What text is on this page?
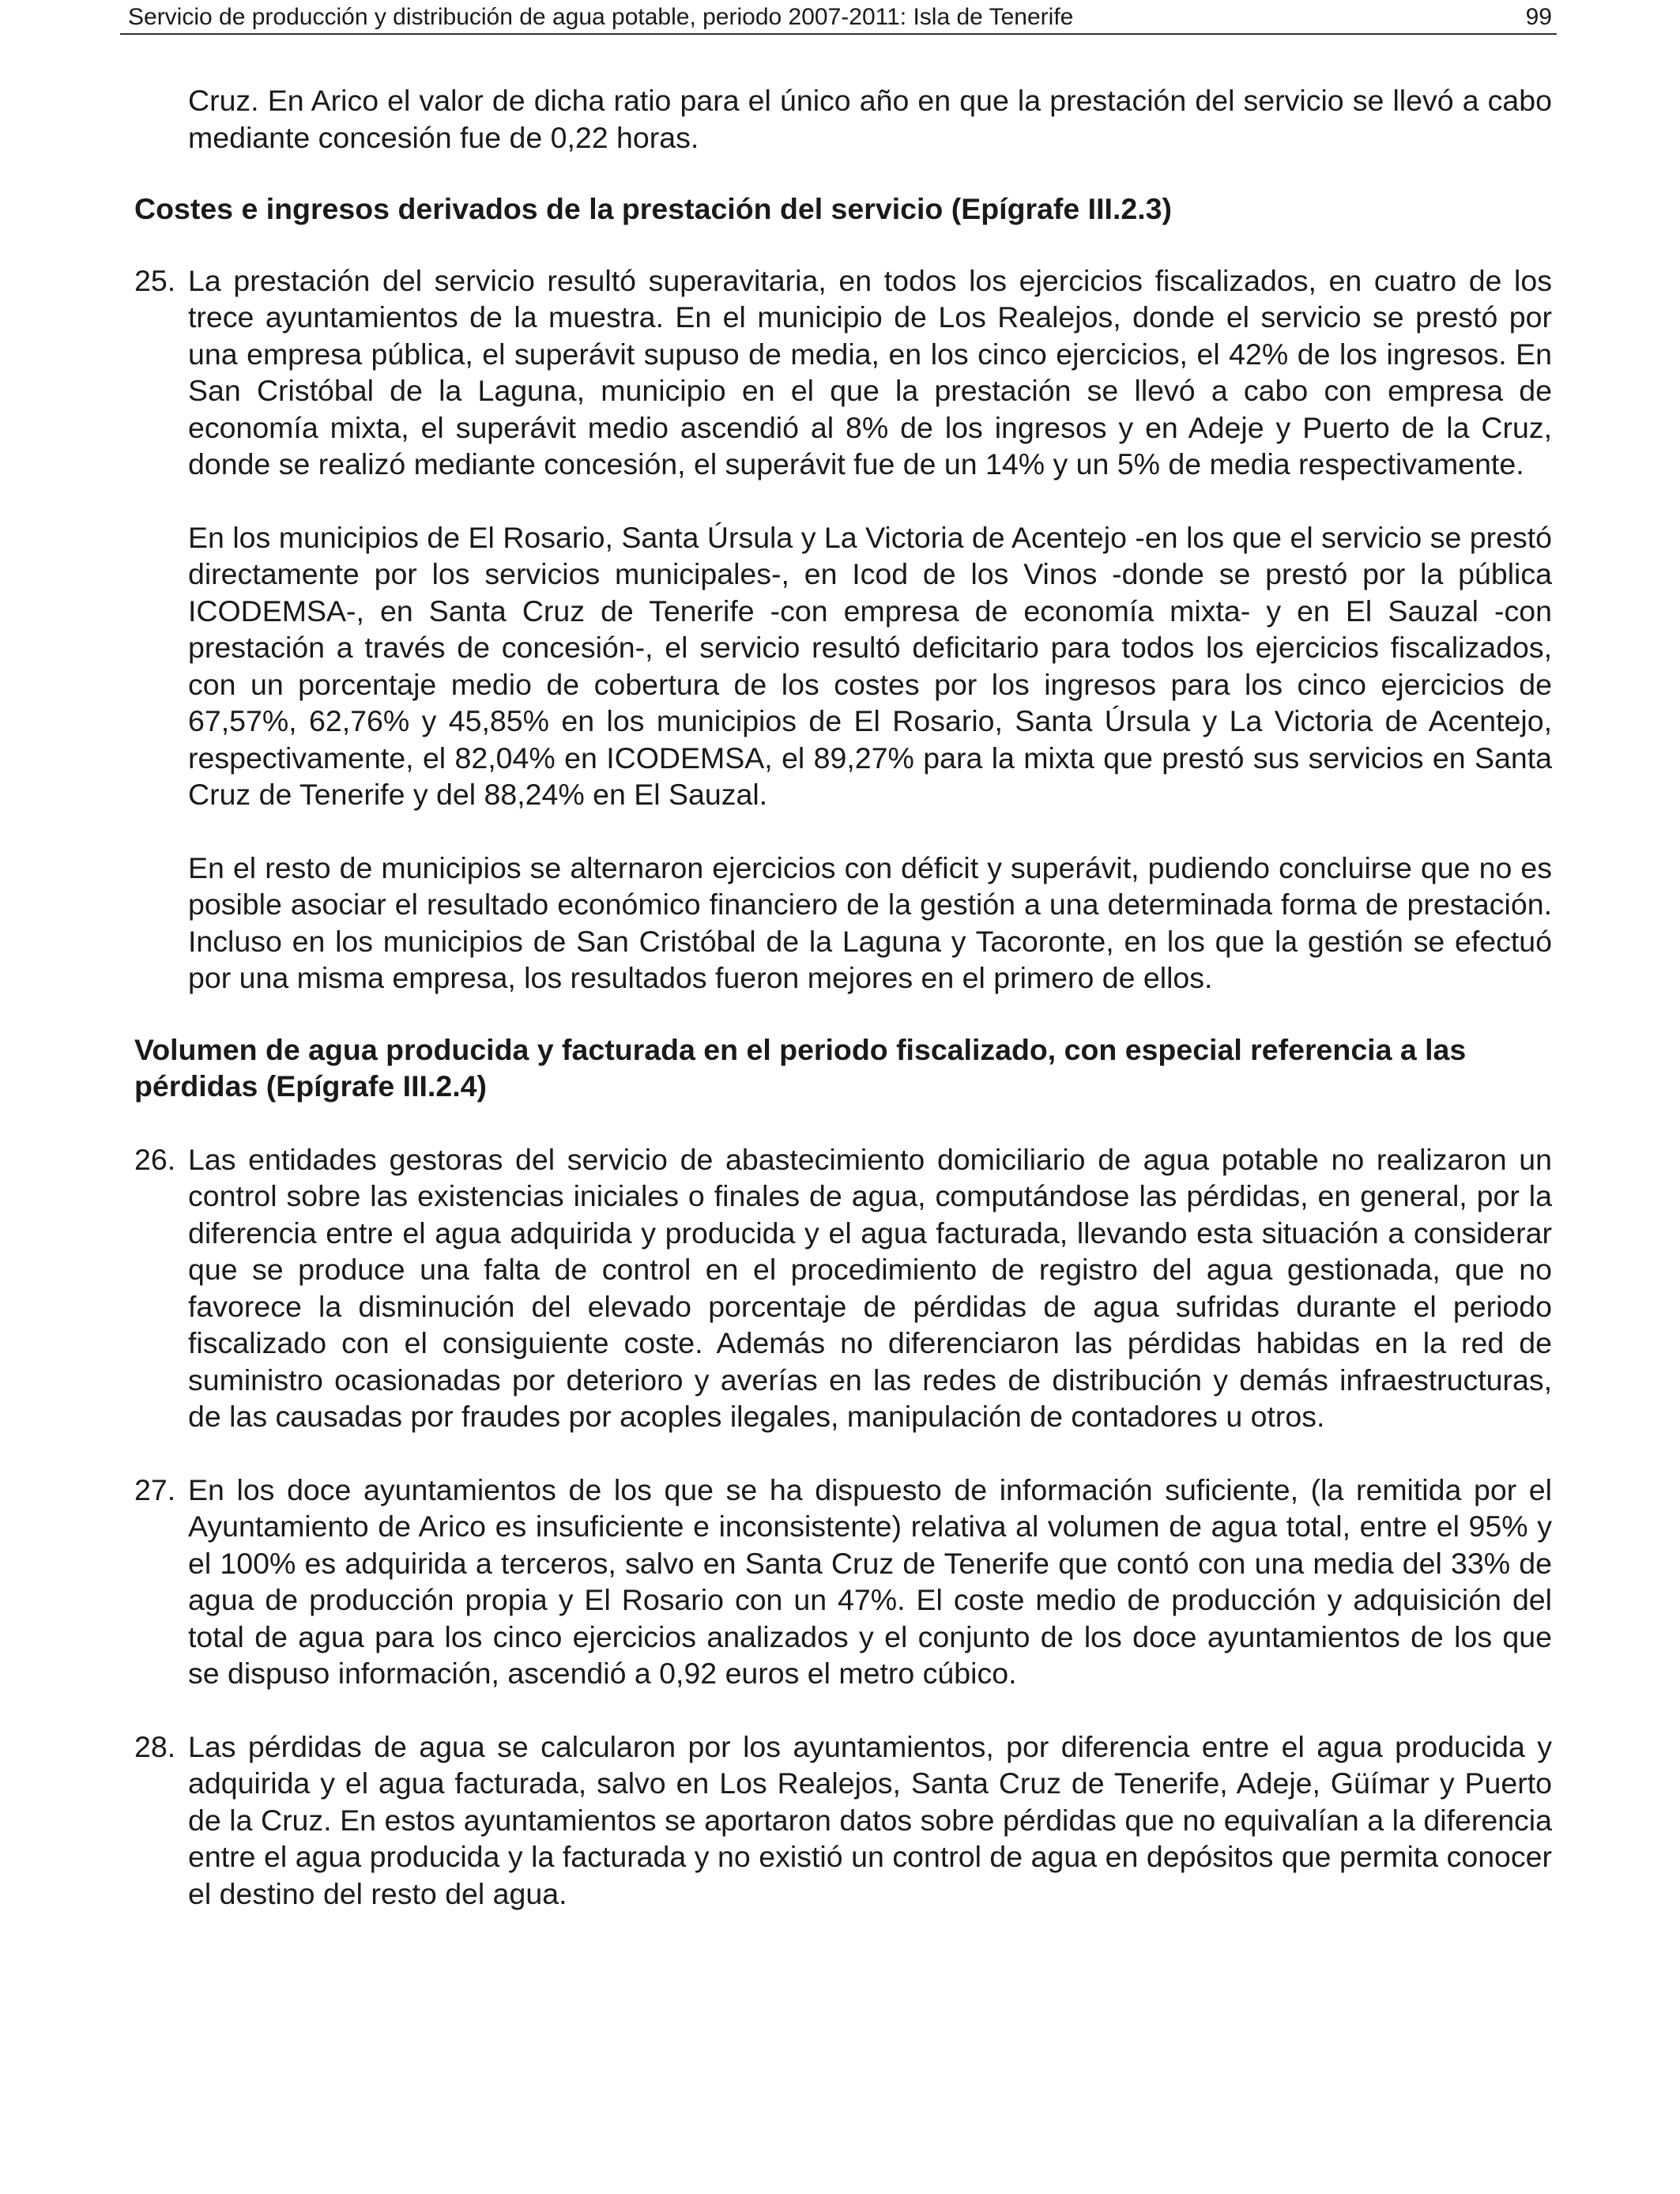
Servicio de producción y distribución de agua potable, periodo 2007-2011: Isla de Tenerife	99

Cruz. En Arico el valor de dicha ratio para el único año en que la prestación del servicio se llevó a cabo mediante concesión fue de 0,22 horas.

Costes e ingresos derivados de la prestación del servicio (Epígrafe III.2.3)

25. La prestación del servicio resultó superavitaria, en todos los ejercicios fiscalizados, en cuatro de los trece ayuntamientos de la muestra. En el municipio de Los Realejos, donde el servicio se prestó por una empresa pública, el superávit supuso de media, en los cinco ejercicios, el 42% de los ingresos. En San Cristóbal de la Laguna, municipio en el que la prestación se llevó a cabo con empresa de economía mixta, el superávit medio ascendió al 8% de los ingresos y en Adeje y Puerto de la Cruz, donde se realizó mediante concesión, el superávit fue de un 14% y un 5% de media respectivamente.

En los municipios de El Rosario, Santa Úrsula y La Victoria de Acentejo -en los que el servicio se prestó directamente por los servicios municipales-, en Icod de los Vinos -donde se prestó por la pública ICODEMSA-, en Santa Cruz de Tenerife -con empresa de economía mixta- y en El Sauzal -con prestación a través de concesión-, el servicio resultó deficitario para todos los ejercicios fiscalizados, con un porcentaje medio de cobertura de los costes por los ingresos para los cinco ejercicios de 67,57%, 62,76% y 45,85% en los municipios de El Rosario, Santa Úrsula y La Victoria de Acentejo, respectivamente, el 82,04% en ICODEMSA, el 89,27% para la mixta que prestó sus servicios en Santa Cruz de Tenerife y del 88,24% en El Sauzal.

En el resto de municipios se alternaron ejercicios con déficit y superávit, pudiendo concluirse que no es posible asociar el resultado económico financiero de la gestión a una determinada forma de prestación. Incluso en los municipios de San Cristóbal de la Laguna y Tacoronte, en los que la gestión se efectuó por una misma empresa, los resultados fueron mejores en el primero de ellos.

Volumen de agua producida y facturada en el periodo fiscalizado, con especial referencia a las pérdidas (Epígrafe III.2.4)

26. Las entidades gestoras del servicio de abastecimiento domiciliario de agua potable no realizaron un control sobre las existencias iniciales o finales de agua, computándose las pérdidas, en general, por la diferencia entre el agua adquirida y producida y el agua facturada, llevando esta situación a considerar que se produce una falta de control en el procedimiento de registro del agua gestionada, que no favorece la disminución del elevado porcentaje de pérdidas de agua sufridas durante el periodo fiscalizado con el consiguiente coste. Además no diferenciaron las pérdidas habidas en la red de suministro ocasionadas por deterioro y averías en las redes de distribución y demás infraestructuras, de las causadas por fraudes por acoples ilegales, manipulación de contadores u otros.

27. En los doce ayuntamientos de los que se ha dispuesto de información suficiente, (la remitida por el Ayuntamiento de Arico es insuficiente e inconsistente) relativa al volumen de agua total, entre el 95% y el 100% es adquirida a terceros, salvo en Santa Cruz de Tenerife que contó con una media del 33% de agua de producción propia y El Rosario con un 47%. El coste medio de producción y adquisición del total de agua para los cinco ejercicios analizados y el conjunto de los doce ayuntamientos de los que se dispuso información, ascendió a 0,92 euros el metro cúbico.

28. Las pérdidas de agua se calcularon por los ayuntamientos, por diferencia entre el agua producida y adquirida y el agua facturada, salvo en Los Realejos, Santa Cruz de Tenerife, Adeje, Güímar y Puerto de la Cruz. En estos ayuntamientos se aportaron datos sobre pérdidas que no equivalían a la diferencia entre el agua producida y la facturada y no existió un control de agua en depósitos que permita conocer el destino del resto del agua.
